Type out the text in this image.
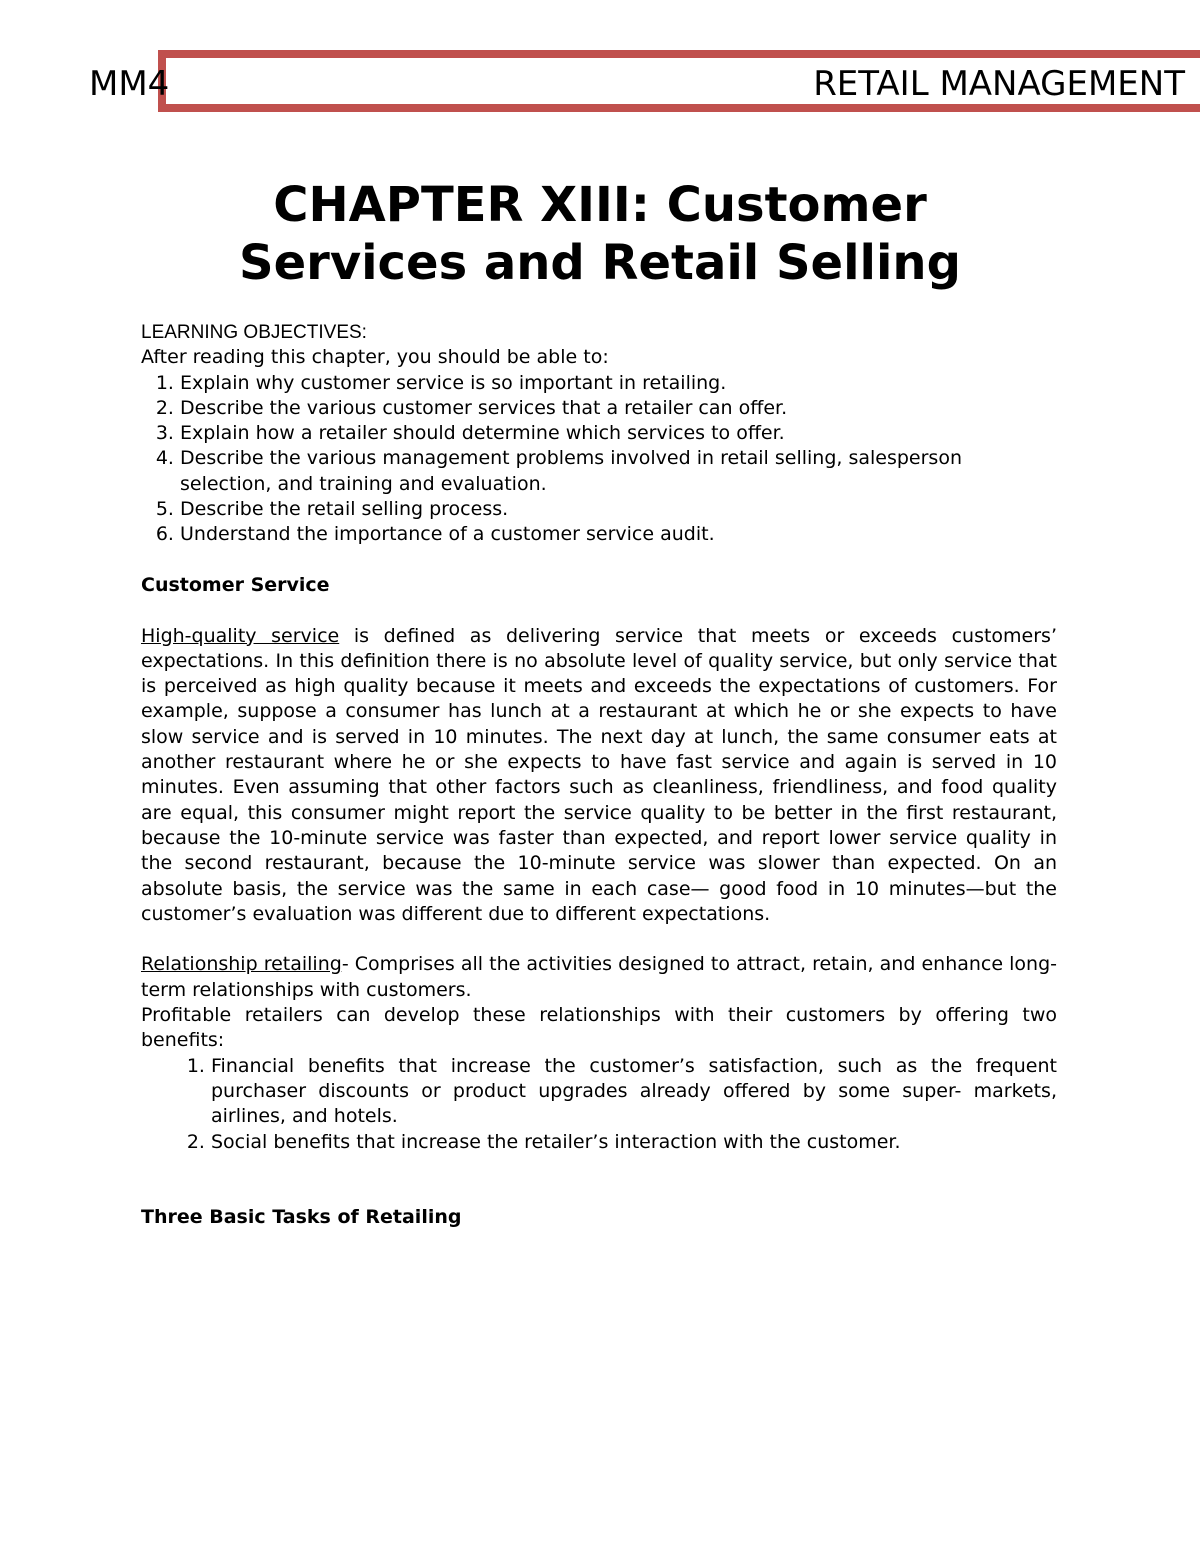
MM4	RETAIL MANAGEMENT
CHAPTER XIII: Customer
Services and Retail Selling

LEARNING OBJECTIVES:

After reading this chapter, you should be able to:

1. Explain why customer service is so important in retailing.
2. Describe the various customer services that a retailer can offer.
3. Explain how a retailer should determine which services to offer.
4. Describe the various management problems involved in retail selling, salesperson selection, and training and evaluation.
5. Describe the retail selling process.
6. Understand the importance of a customer service audit.

Customer Service

High-quality service is defined as delivering service that meets or exceeds customers’ expectations. In this definition there is no absolute level of quality service, but only service that is perceived as high quality because it meets and exceeds the expectations of customers. For example, suppose a consumer has lunch at a restaurant at which he or she expects to have slow service and is served in 10 minutes. The next day at lunch, the same consumer eats at another restaurant where he or she expects to have fast service and again is served in 10 minutes. Even assuming that other factors such as cleanliness, friendliness, and food quality are equal, this consumer might report the service quality to be better in the first restaurant, because the 10-minute service was faster than expected, and report lower service quality in the second restaurant, because the 10-minute service was slower than expected. On an absolute basis, the service was the same in each case— good food in 10 minutes—but the customer’s evaluation was different due to different expectations.

Relationship retailing- Comprises all the activities designed to attract, retain, and enhance long- term relationships with customers.

Profitable retailers can develop these relationships with their customers by offering two benefits:

1. Financial benefits that increase the customer’s satisfaction, such as the frequent purchaser discounts or product upgrades already offered by some super- markets, airlines, and hotels.
2. Social benefits that increase the retailer’s interaction with the customer.

Three Basic Tasks of Retailing
